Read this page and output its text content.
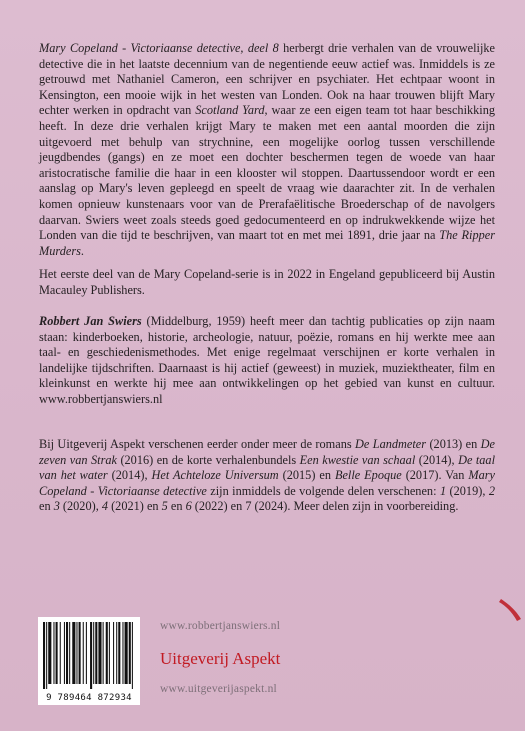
Mary Copeland - Victoriaanse detective, deel 8 herbergt drie verhalen van de vrouwelijke detective die in het laatste decennium van de negentiende eeuw actief was. Inmiddels is ze getrouwd met Nathaniel Cameron, een schrijver en psychiater. Het echtpaar woont in Kensington, een mooie wijk in het westen van Londen. Ook na haar trouwen blijft Mary echter werken in opdracht van Scotland Yard, waar ze een eigen team tot haar beschikking heeft. In deze drie verhalen krijgt Mary te maken met een aantal moorden die zijn uitgevoerd met behulp van strychnine, een mogelijke oorlog tussen verschillende jeugdbendes (gangs) en ze moet een dochter beschermen tegen de woede van haar aristocratische familie die haar in een klooster wil stoppen. Daartussendoor wordt er een aanslag op Mary's leven gepleegd en speelt de vraag wie daarachter zit. In de verhalen komen opnieuw kunstenaars voor van de Prerafaëlitische Broederschap of de navolgers daarvan. Swiers weet zoals steeds goed gedocumenteerd en op indrukwekkende wijze het Londen van die tijd te beschrijven, van maart tot en met mei 1891, drie jaar na The Ripper Murders.

Het eerste deel van de Mary Copeland-serie is in 2022 in Engeland gepubliceerd bij Austin Macauley Publishers.

Robbert Jan Swiers (Middelburg, 1959) heeft meer dan tachtig publicaties op zijn naam staan: kinderboeken, historie, archeologie, natuur, poëzie, romans en hij werkte mee aan taal- en geschiedenismethodes. Met enige regelmaat verschijnen er korte verhalen in landelijke tijdschriften. Daarnaast is hij actief (geweest) in muziek, muziektheater, film en kleinkunst en werkte hij mee aan ontwikkelingen op het gebied van kunst en cultuur. www.robbertjanswiers.nl

Bij Uitgeverij Aspekt verschenen eerder onder meer de romans De Landmeter (2013) en De zeven van Strak (2016) en de korte verhalenbundels Een kwestie van schaal (2014), De taal van het water (2014), Het Achteloze Universum (2015) en Belle Epoque (2017). Van Mary Copeland - Victoriaanse detective zijn inmiddels de volgende delen verschenen: 1 (2019), 2 en 3 (2020), 4 (2021) en 5 en 6 (2022) en 7 (2024). Meer delen zijn in voorbereiding.

9 789464 872934
www.robbertjanswiers.nl
Uitgeverij Aspekt
www.uitgeverijaspekt.nl
